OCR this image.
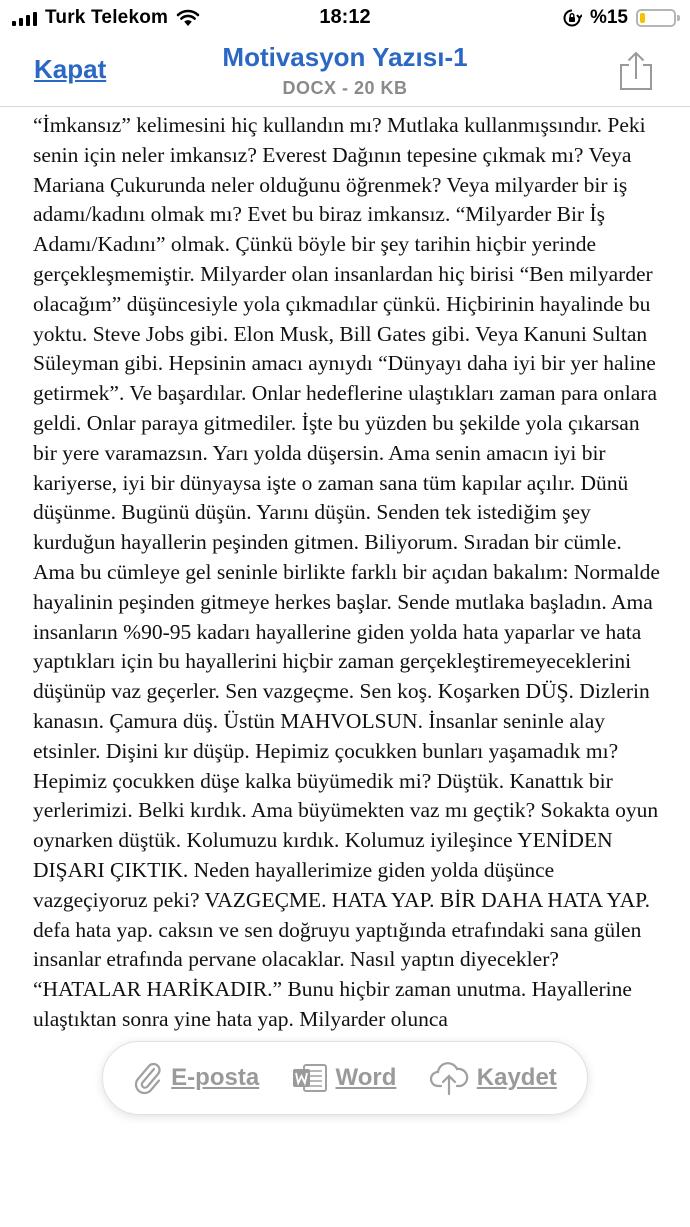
Turk Telekom	18:12	%15
Kapat	Motivasyon Yazısı-1
DOCX - 20 KB

“İmkansız” kelimesini hiç kullandın mı? Mutlaka kullanmışsındır. Peki senin için neler imkansız? Everest Dağının tepesine çıkmak mı? Veya Mariana Çukurunda neler olduğunu öğrenmek? Veya milyarder bir iş adamı/kadını olmak mı? Evet bu biraz imkansız. “Milyarder Bir İş Adamı/Kadını” olmak. Çünkü böyle bir şey tarihin hiçbir yerinde gerçekleşmemiştir. Milyarder olan insanlardan hiç birisi “Ben milyarder olacağım” düşüncesiyle yola çıkmadılar çünkü. Hiçbirinin hayalinde bu yoktu. Steve Jobs gibi. Elon Musk, Bill Gates gibi. Veya Kanuni Sultan Süleyman gibi. Hepsinin amacı aynıydı “Dünyayı daha iyi bir yer haline getirmek”. Ve başardılar. Onlar hedeflerine ulaştıkları zaman para onlara geldi. Onlar paraya gitmediler. İşte bu yüzden bu şekilde yola çıkarsan bir yere varamazsın. Yarı yolda düşersin. Ama senin amacın iyi bir kariyerse, iyi bir dünyaysa işte o zaman sana tüm kapılar açılır. Dünü düşünme. Bugünü düşün. Yarını düşün. Senden tek istediğim şey kurduğun hayallerin peşinden gitmen. Biliyorum. Sıradan bir cümle. Ama bu cümleye gel seninle birlikte farklı bir açıdan bakalım: Normalde hayalinin peşinden gitmeye herkes başlar. Sende mutlaka başladın. Ama insanların %90-95 kadarı hayallerine giden yolda hata yaparlar ve hata yaptıkları için bu hayallerini hiçbir zaman gerçekleştiremeyeceklerini düşünüp vaz geçerler. Sen vazgeçme. Sen koş. Koşarken DÜŞ. Dizlerin kanasın. Çamura düş. Üstün MAHVOLSUN. İnsanlar seninle alay etsinler. Dişini kır düşüp. Hepimiz çocukken bunları yaşamadık mı? Hepimiz çocukken düşe kalka büyümedik mi? Düştük. Kanattık bir yerlerimizi. Belki kırdık. Ama büyümekten vaz mı geçtik? Sokakta oyun oynarken düştük. Kolumuzu kırdık. Kolumuz iyileşince YENİDEN DIŞARI ÇIKTIK. Neden hayallerimize giden yolda düşünce vazgeçiyoruz peki? VAZGEÇME. HATA YAP. BİR DAHA HATA YAP. defa hata yap. caksın ve sen doğruyu yaptığında etrafındaki sana gülen insanlar etrafında pervane olacaklar. Nasıl yaptın diyecekler? “HATALAR HARİKADIR.” Bunu hiçbir zaman unutma. Hayallerine ulaştıktan sonra yine hata yap. Milyarder olunca

E-posta	Word	Kaydet
